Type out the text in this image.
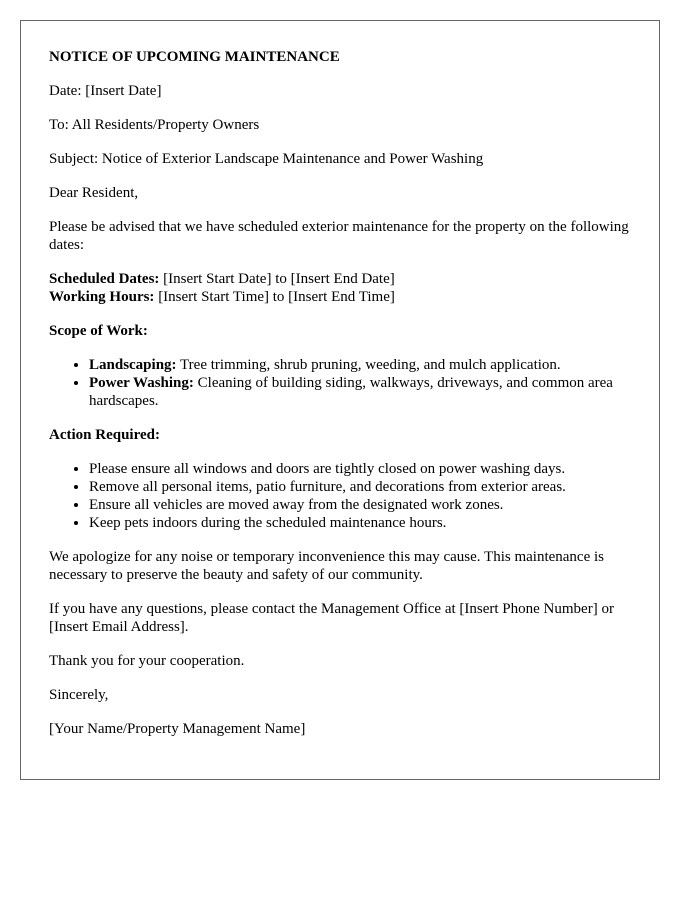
NOTICE OF UPCOMING MAINTENANCE

Date: [Insert Date]

To: All Residents/Property Owners

Subject: Notice of Exterior Landscape Maintenance and Power Washing

Dear Resident,

Please be advised that we have scheduled exterior maintenance for the property on the following dates:

Scheduled Dates: [Insert Start Date] to [Insert End Date]
Working Hours: [Insert Start Time] to [Insert End Time]

Scope of Work:

• Landscaping: Tree trimming, shrub pruning, weeding, and mulch application.
• Power Washing: Cleaning of building siding, walkways, driveways, and common area hardscapes.

Action Required:

• Please ensure all windows and doors are tightly closed on power washing days.
• Remove all personal items, patio furniture, and decorations from exterior areas.
• Ensure all vehicles are moved away from the designated work zones.
• Keep pets indoors during the scheduled maintenance hours.

We apologize for any noise or temporary inconvenience this may cause. This maintenance is necessary to preserve the beauty and safety of our community.

If you have any questions, please contact the Management Office at [Insert Phone Number] or [Insert Email Address].

Thank you for your cooperation.

Sincerely,

[Your Name/Property Management Name]
